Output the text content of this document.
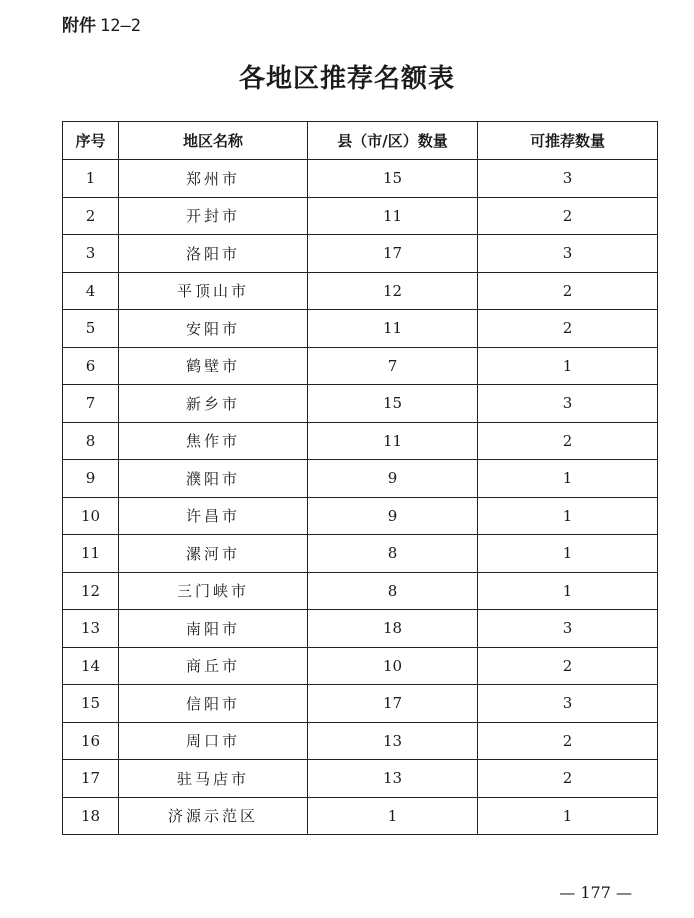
附件 12—2
各地区推荐名额表
序号	地区名称	县（市/区）数量	可推荐数量
1	郑州市	15	3
2	开封市	11	2
3	洛阳市	17	3
4	平顶山市	12	2
5	安阳市	11	2
6	鹤壁市	7	1
7	新乡市	15	3
8	焦作市	11	2
9	濮阳市	9	1
10	许昌市	9	1
11	漯河市	8	1
12	三门峡市	8	1
13	南阳市	18	3
14	商丘市	10	2
15	信阳市	17	3
16	周口市	13	2
17	驻马店市	13	2
18	济源示范区	1	1
— 177 —
